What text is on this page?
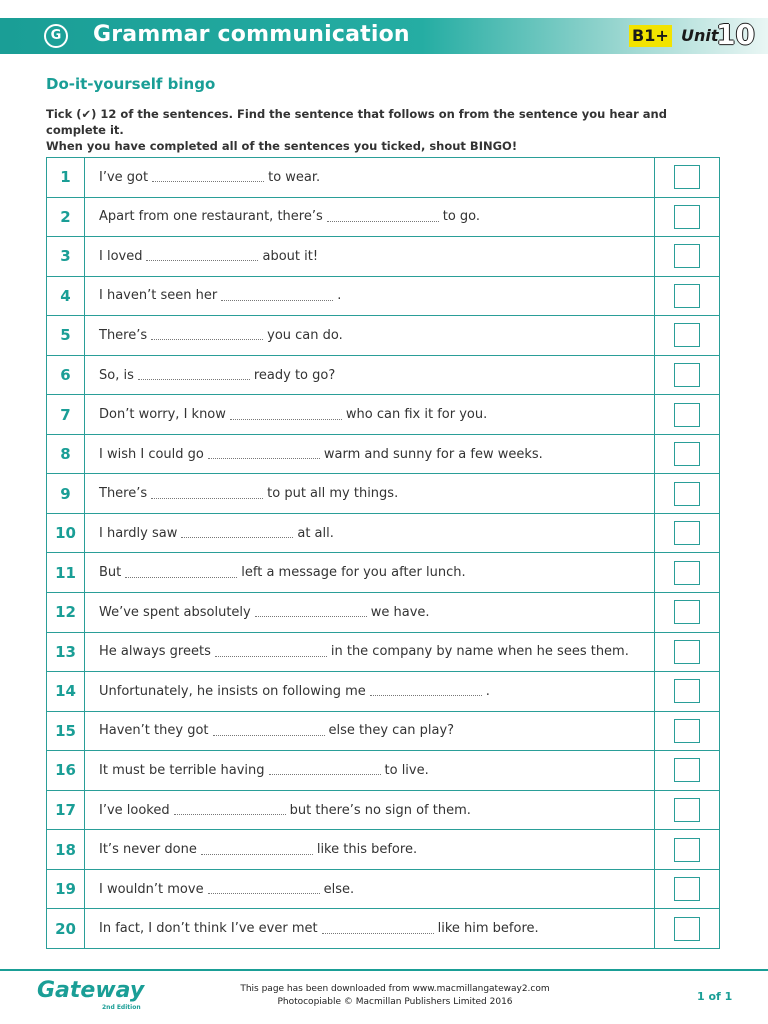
G	Grammar communication	B1+ Unit
10
Do-it-yourself bingo
Tick (✔) 12 of the sentences. Find the sentence that follows on from the sentence you hear and complete it.
When you have completed all of the sentences you ticked, shout BINGO!
1	I’ve got	to wear.
2	Apart from one restaurant, there’s	to go.
3	I loved	about it!
4	I haven’t seen her	.
5	There’s	you can do.
6	So, is	ready to go?
7	Don’t worry, I know	who can fix it for you.
8	I wish I could go	warm and sunny for a few weeks.
9	There’s	to put all my things.
10	I hardly saw	at all.
11	But	left a message for you after lunch.
12	We’ve spent absolutely	we have.
13	He always greets	in the company by name when he sees them.
14	Unfortunately, he insists on following me	.
15	Haven’t they got	else they can play?
16	It must be terrible having	to live.
17	I’ve looked	but there’s no sign of them.
18	It’s never done	like this before.
19	I wouldn’t move	else.
20	In fact, I don’t think I’ve ever met	like him before.
Gateway
2nd Edition
This page has been downloaded from www.macmillangateway2.com
Photocopiable © Macmillan Publishers Limited 2016	1 of 1
